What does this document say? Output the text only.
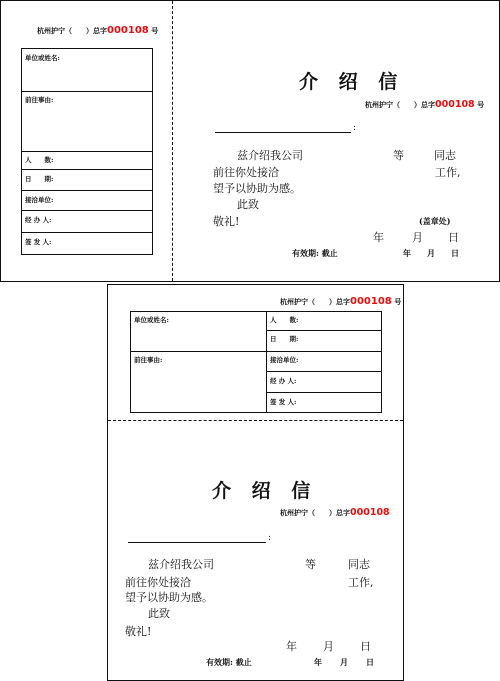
杭州护宁（　　）总字000108 号
单位或姓名:
前往事由:
人　　数:
日　　期:
接洽单位:
经 办 人:
签 发 人:
介 绍 信
杭州护宁（　　）总字000108 号
:
兹介绍我公司	等	同志
前往你处接洽	工作,
望予以协助为感。
此致
敬礼!	(盖章处)
年	月 日
有效期: 截止	年 月 日
杭州护宁（　　）总字000108 号
单位或姓名:
前往事由:
人　　数:
日　　期:
接洽单位:
经 办 人:
签 发 人:
介 绍 信
杭州护宁（　　）总字000108
:
兹介绍我公司	等	同志
前往你处接洽	工作,
望予以协助为感。
此致
敬礼!
年 月 日
有效期: 截止	年 月 日
